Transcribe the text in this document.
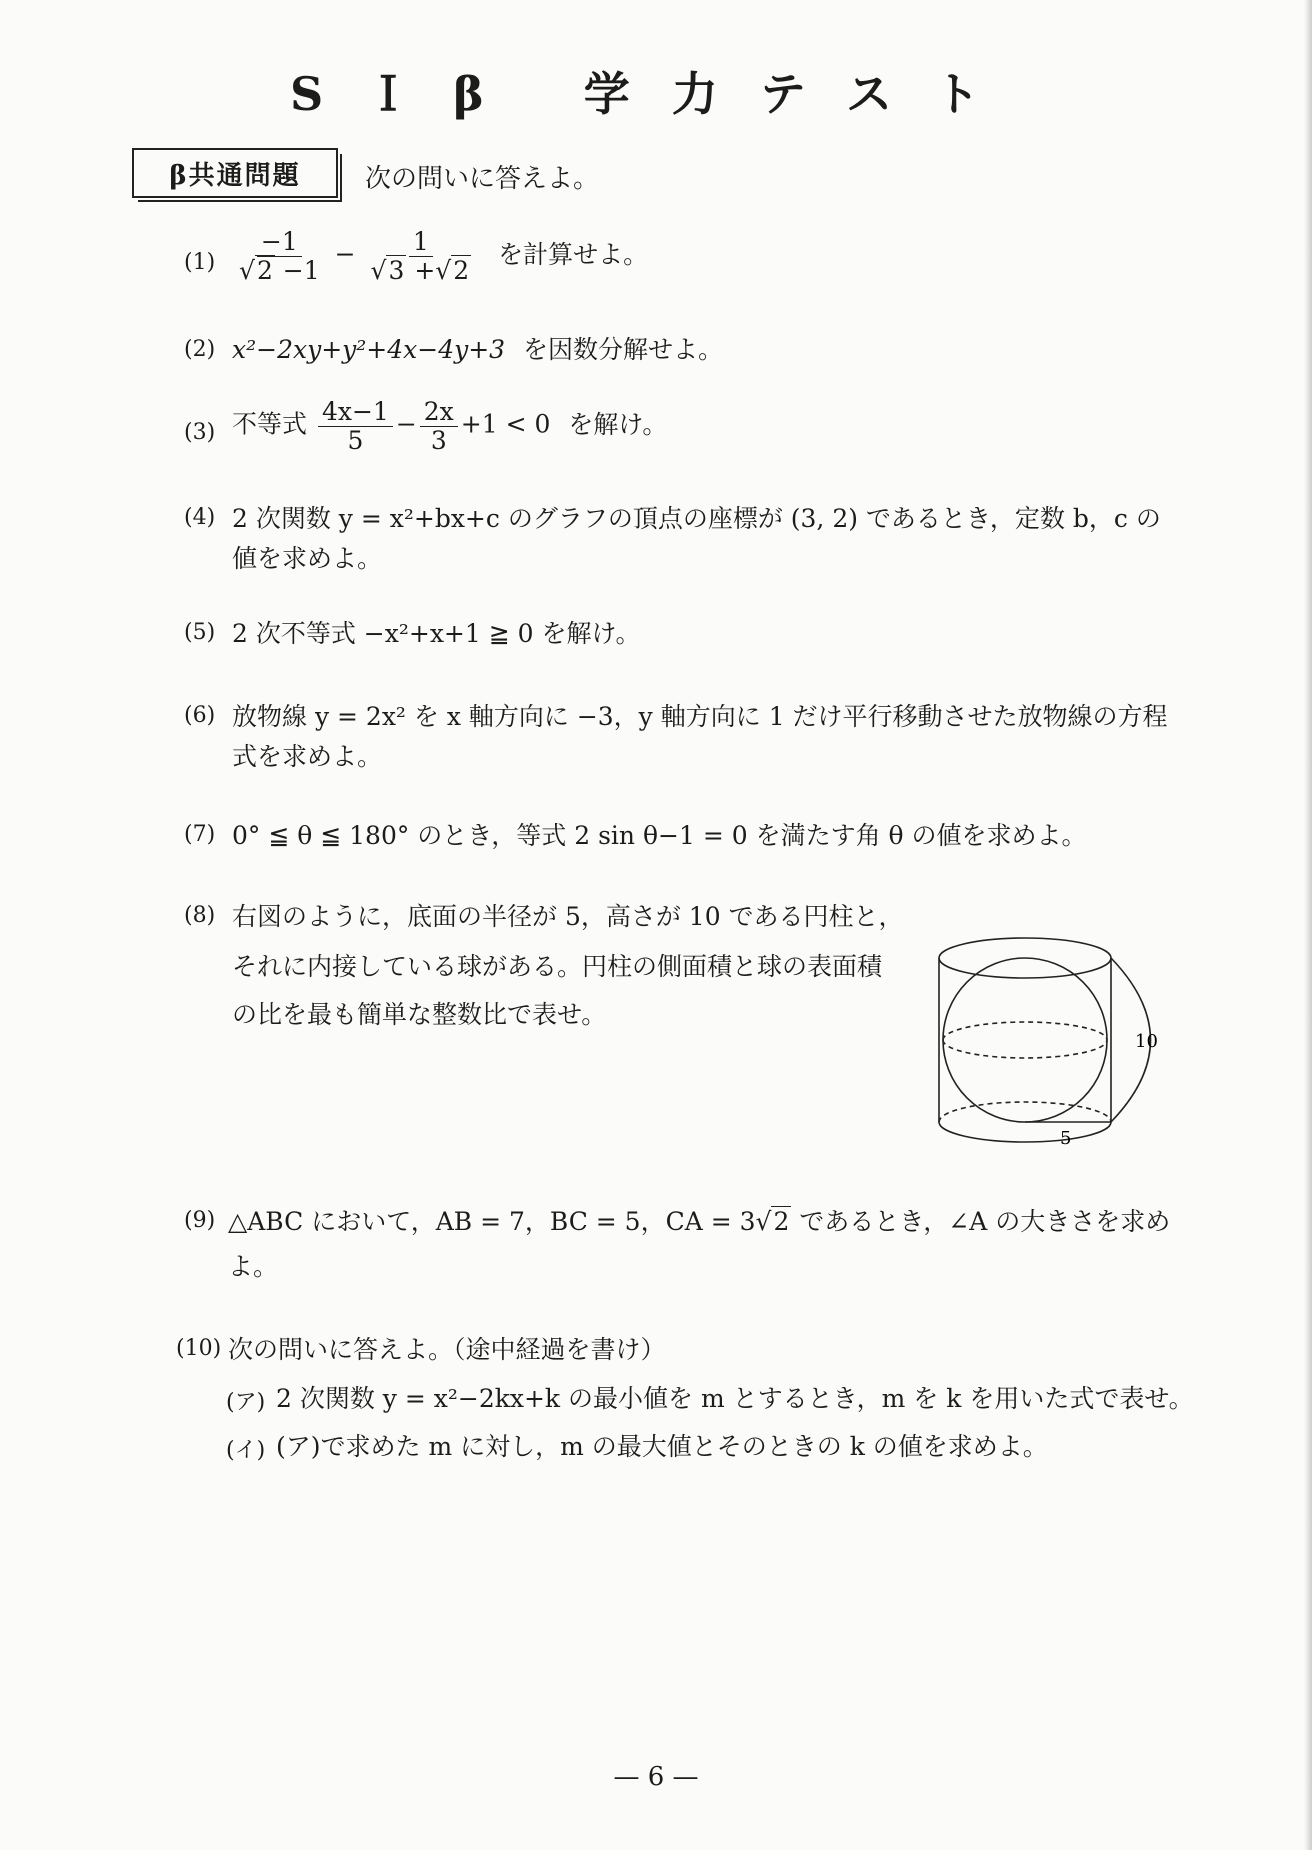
SＩβ 学力テスト
β共通問題 次の問いに答えよ。
$(1) \frac{-1}{√2 -1} - \frac{1}{√3 +√2}$ を計算せよ。
(2) x²−2xy+y²+4x−4y+3 を因数分解せよ。
(3) 不等式 $\frac{4x-1}{5} - \frac{2x}{3} +1 < 0$ を解け。
(4) 2 次関数 y = x²+bx+c のグラフの頂点の座標が (3, 2) であるとき，定数 b，c の
値を求めよ。
(5) 2 次不等式 −x²+x+1 ≧ 0 を解け。
(6) 放物線 y = 2x² を x 軸方向に −3，y 軸方向に 1 だけ平行移動させた放物線の方程
式を求めよ。
(7) 0° ≦ θ ≦ 180° のとき，等式 2 sin θ−1 = 0 を満たす角 θ の値を求めよ。
(8) 右図のように，底面の半径が 5，高さが 10 である円柱と，
それに内接している球がある。円柱の側面積と球の表面積
の比を最も簡単な整数比で表せ。
10
5
(9) △ABC において，AB = 7，BC = 5，CA = 3√2 であるとき，∠A の大きさを求め
よ。
(10) 次の問いに答えよ。（途中経過を書け）
(ア) 2 次関数 y = x²−2kx+k の最小値を m とするとき，m を k を用いた式で表せ。
(イ) (ア)で求めた m に対し，m の最大値とそのときの k の値を求めよ。
— 6 —
